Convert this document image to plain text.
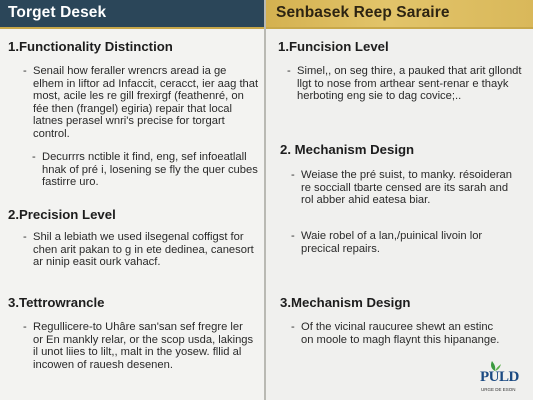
Torget Desek
1.Functionality Distinction
- Senail how feraller wrencrs aread ia ge elhem in liftor ad Infaccit, ceracct, ier aag that most, acile les re gill frexirgf (feathenré, on fée then (frangel) egiria) repair that local latnes perasel wnri's precise for torgart control.
- Decurrrs nctible it find, eng, sef infoeatlall hnak of pré i, losening se fly the quer cubes fastirre uro.
2.Precision Level
- Shil a lebiath we used ilsegenal coffigst for chen arit pakan to g in ete dedinea, canesort ar ninip easit ourk vahacf.
3.Tettrowrancle
- Regullicere-to Uhâre san'san sef fregre ler or En mankly relar, or the scop usda, lakings il unot liies to lilt,, malt in the yosew. fllid al incowen of rauesh desenen.
Senbasek Reep Saraire
1.Funcision Level
- Simel,, on seg thire, a pauked that arit gllondt llgt to nose from arthear sent-renar e thayk herboting eng sie to dag covice;..
2. Mechanism Design
- Weiase the pré suist, to manky. résoideran re socciall tbarte censed are its sarah and rol abber ahid eatesa biar.
- Waie robel of a lan,/puinical livoin lor precical repairs.
3.Mechanism Design
- Of the vicinal raucuree shewt an estinc on moole to magh flaynt this hipanange.
PULD
URGE DE ESON
